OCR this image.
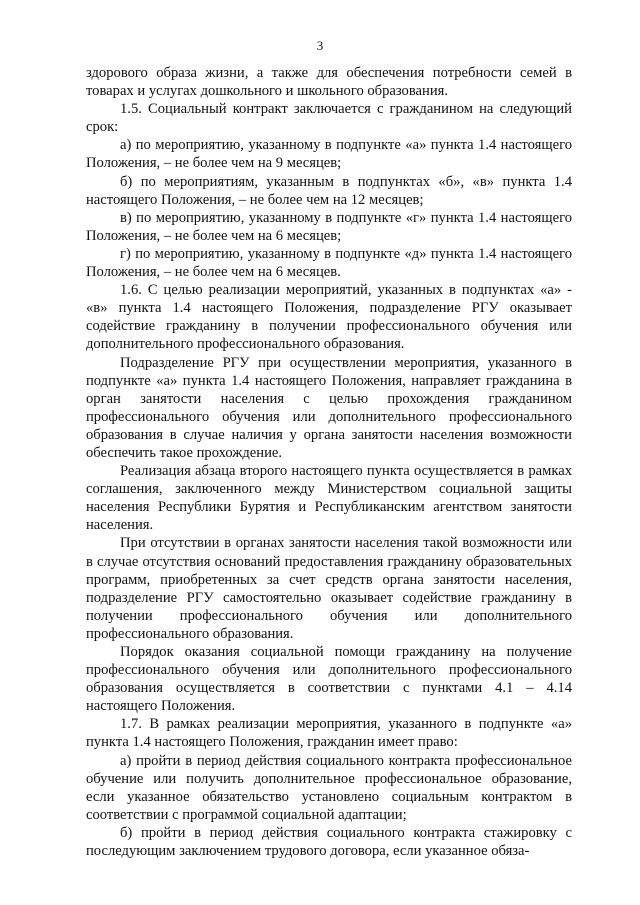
3

здорового образа жизни, а также для обеспечения потребности семей в товарах и услугах дошкольного и школьного образования.

1.5. Социальный контракт заключается с гражданином на следующий срок:

а) по мероприятию, указанному в подпункте «а» пункта 1.4 настоящего Положения, – не более чем на 9 месяцев;

б) по мероприятиям, указанным в подпунктах «б», «в» пункта 1.4 настоящего Положения, – не более чем на 12 месяцев;

в) по мероприятию, указанному в подпункте «г» пункта 1.4 настоящего Положения, – не более чем на 6 месяцев;

г) по мероприятию, указанному в подпункте «д» пункта 1.4 настоящего Положения, – не более чем на 6 месяцев.

1.6. С целью реализации мероприятий, указанных в подпунктах «а» - «в» пункта 1.4 настоящего Положения, подразделение РГУ оказывает содействие гражданину в получении профессионального обучения или дополнительного профессионального образования.

Подразделение РГУ при осуществлении мероприятия, указанного в подпункте «а» пункта 1.4 настоящего Положения, направляет гражданина в орган занятости населения с целью прохождения гражданином профессионального обучения или дополнительного профессионального образования в случае наличия у органа занятости населения возможности обеспечить такое прохождение.

Реализация абзаца второго настоящего пункта осуществляется в рамках соглашения, заключенного между Министерством социальной защиты населения Республики Бурятия и Республиканским агентством занятости населения.

При отсутствии в органах занятости населения такой возможности или в случае отсутствия оснований предоставления гражданину образовательных программ, приобретенных за счет средств органа занятости населения, подразделение РГУ самостоятельно оказывает содействие гражданину в получении профессионального обучения или дополнительного профессионального образования.

Порядок оказания социальной помощи гражданину на получение профессионального обучения или дополнительного профессионального образования осуществляется в соответствии с пунктами 4.1 – 4.14 настоящего Положения.

1.7. В рамках реализации мероприятия, указанного в подпункте «а» пункта 1.4 настоящего Положения, гражданин имеет право:

а) пройти в период действия социального контракта профессиональное обучение или получить дополнительное профессиональное образование, если указанное обязательство установлено социальным контрактом в соответствии с программой социальной адаптации;

б) пройти в период действия социального контракта стажировку с последующим заключением трудового договора, если указанное обяза-
